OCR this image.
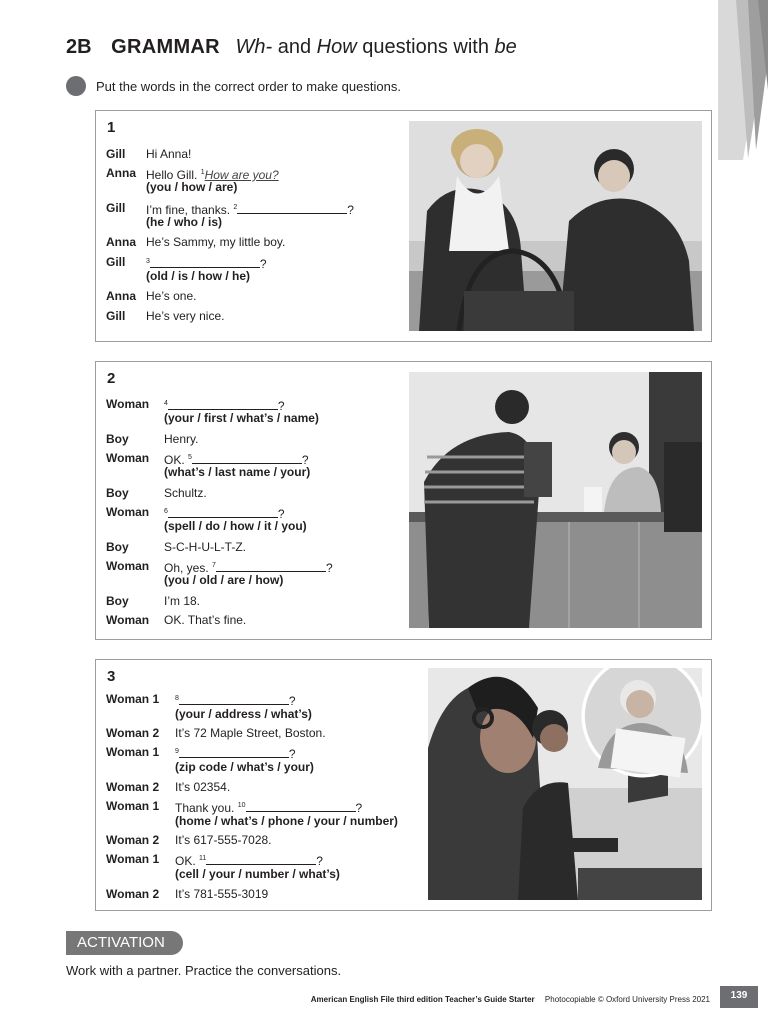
2B GRAMMAR Wh- and How questions with be
Put the words in the correct order to make questions.
1
Gill Hi Anna!
Anna Hello Gill. $^1$How are you?
(you / how / are)
Gill I’m fine, thanks. $^2$	?
(he / who / is)
Anna He’s Sammy, my little boy.
Gill	$^3$	?
(old / is / how / he)
Anna He’s one.
Gill He’s very nice.
2
Woman $^4$	?
(your / first / what’s / name)
Boy	Henry.
Woman OK. $^5$	?
(what’s / last name / your)
Boy	Schultz.
Woman $^6$	?
(spell / do / how / it / you)
Boy	S-C-H-U-L-T-Z.
Woman Oh, yes. $^7$	?
(you / old / are / how)
Boy	I’m 18.
Woman OK. That’s fine.
3
Woman 1 $^8$	?
(your / address / what’s)
Woman 2 It’s 72 Maple Street, Boston.
Woman 1 $^9$	?
(zip code / what’s / your)
Woman 2 It’s 02354.
Woman 1 Thank you. $^{10}$	?
(home / what’s / phone / your / number)
Woman 2 It’s 617-555-7028.
Woman 1 OK. $^{11}$	?
(cell / your / number / what’s)
Woman 2 It’s 781-555-3019
ACTIVATION
Work with a partner. Practice the conversations.
American English File third edition Teacher’s Guide Starter Photocopiable © Oxford University Press 2021	139
